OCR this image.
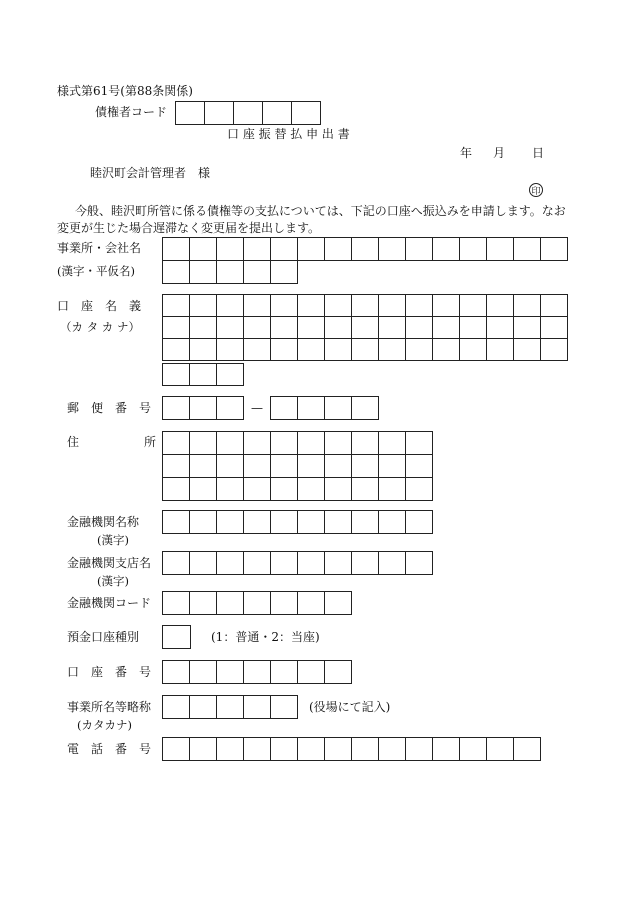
様式第61号(第88条関係)
債権者コード
口 座 振 替 払 申 出 書
年 月 日
睦沢町会計管理者　様
印
今般、睦沢町所管に係る債権等の支払については、下記の口座へ振込みを申請します。なお
変更が生じた場合遅滞なく変更届を提出します。
事業所・会社名
(漢字・平仮名)
口　座　名　義
（カ タ カ ナ）
郵　便　番　号	—
住	所
金融機関名称
(漢字)
金融機関支店名
(漢字)
金融機関コード
預金口座種別	(1：普通・2：当座)
口　座　番　号
事業所名等略称
(カタカナ)
(役場にて記入)
電　話　番　号
